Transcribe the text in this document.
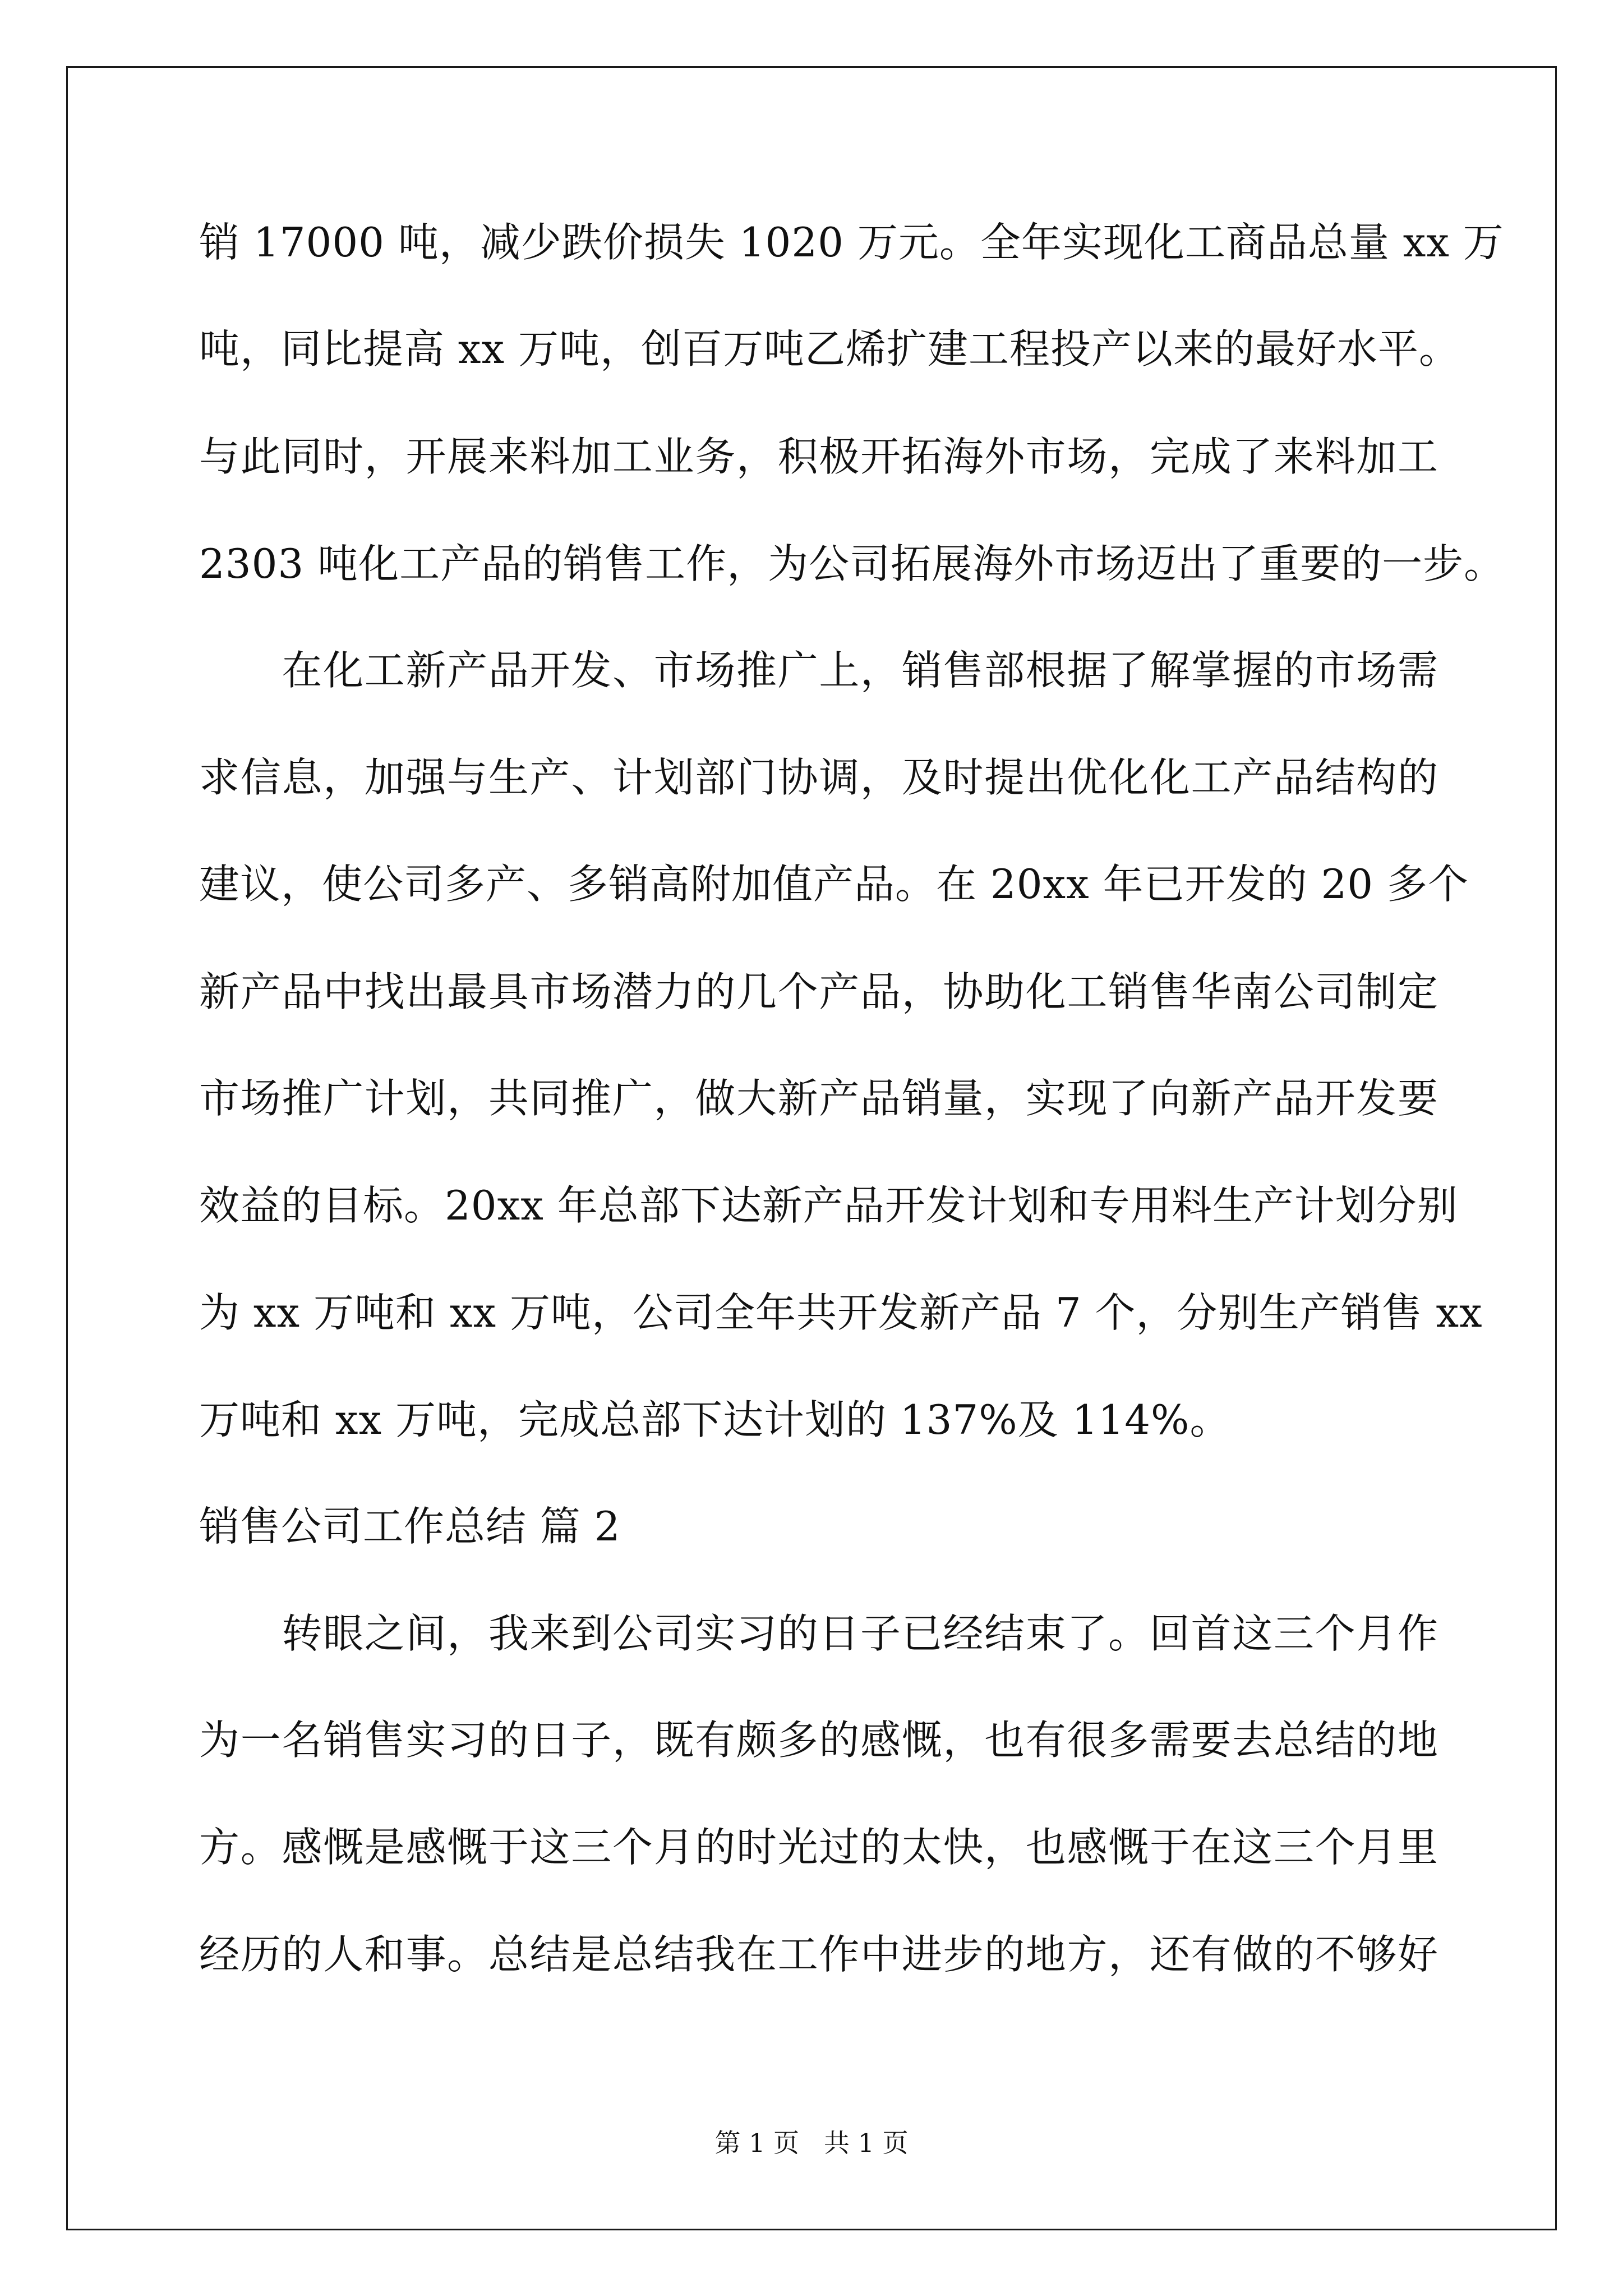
销 17000 吨，减少跌价损失 1020 万元。全年实现化工商品总量 xx 万
吨，同比提高 xx 万吨，创百万吨乙烯扩建工程投产以来的最好水平。
与此同时，开展来料加工业务，积极开拓海外市场，完成了来料加工
2303 吨化工产品的销售工作，为公司拓展海外市场迈出了重要的一步。
　　在化工新产品开发、市场推广上，销售部根据了解掌握的市场需
求信息，加强与生产、计划部门协调，及时提出优化化工产品结构的
建议，使公司多产、多销高附加值产品。在 20xx 年已开发的 20 多个
新产品中找出最具市场潜力的几个产品，协助化工销售华南公司制定
市场推广计划，共同推广，做大新产品销量，实现了向新产品开发要
效益的目标。20xx 年总部下达新产品开发计划和专用料生产计划分别
为 xx 万吨和 xx 万吨，公司全年共开发新产品 7 个，分别生产销售 xx
万吨和 xx 万吨，完成总部下达计划的 137%及 114%。
销售公司工作总结 篇 2
　　转眼之间，我来到公司实习的日子已经结束了。回首这三个月作
为一名销售实习的日子，既有颇多的感慨，也有很多需要去总结的地
方。感慨是感慨于这三个月的时光过的太快，也感慨于在这三个月里
经历的人和事。总结是总结我在工作中进步的地方，还有做的不够好
第 1 页 共 1 页
